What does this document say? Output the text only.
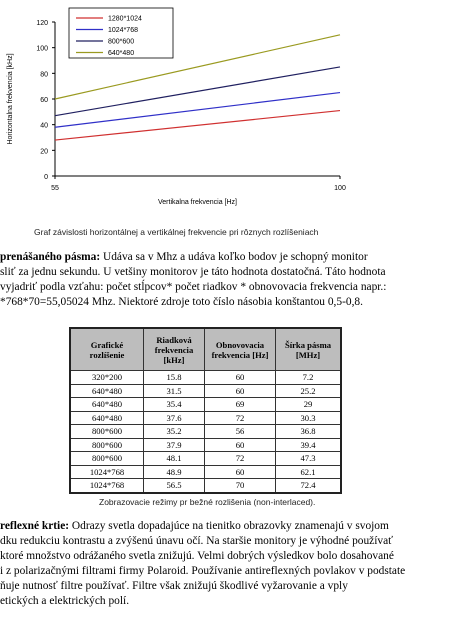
0
20
40
60
80
100
120
55	100
Vertikalna frekvencia [Hz]
Horizontalna frekvencia [kHz]
1280*1024
1024*768
800*600
640*480
Graf závislosti horizontálnej a vertikálnej frekvencie pri rôznych rozlíšeniach
prenášaného pásma: Udáva sa v Mhz a udáva koľko bodov je schopný monitor
sliť za jednu sekundu. U vetšiny monitorov je táto hodnota dostatočná. Táto hodnota
vyjadriť podla vzťahu: počet stĺpcov* počet riadkov * obnovovacia frekvencia napr.:
*768*70=55,05024 Mhz. Niektoré zdroje toto číslo násobia konštantou 0,5-0,8.
Grafické rozlíšenie	Riadková frekvencia [kHz]	Obnovovacia frekvencia [Hz]	Šírka pásma [MHz]
320*200	15.8	60	7.2
640*480	31.5	60	25.2
640*480	35.4	69	29
640*480	37.6	72	30.3
800*600	35.2	56	36.8
800*600	37.9	60	39.4
800*600	48.1	72	47.3
1024*768	48.9	60	62.1
1024*768	56.5	70	72.4
Zobrazovacie režimy pr bežné rozlišenia (non-interlaced).
reflexné krtie: Odrazy svetla dopadajúce na tienitko obrazovky znamenajú v svojom
dku redukciu kontrastu a zvýšenú únavu očí. Na staršie monitory je výhodné používať
ktoré množstvo odrážaného svetla znižujú. Velmi dobrých výsledkov bolo dosahované
i z polarizačnými filtrami firmy Polaroid. Používanie antireflexných povlakov v podstate
ňuje nutnosť filtre používať. Filtre však znižujú škodlivé vyžarovanie a vply
etických a elektrických polí.
